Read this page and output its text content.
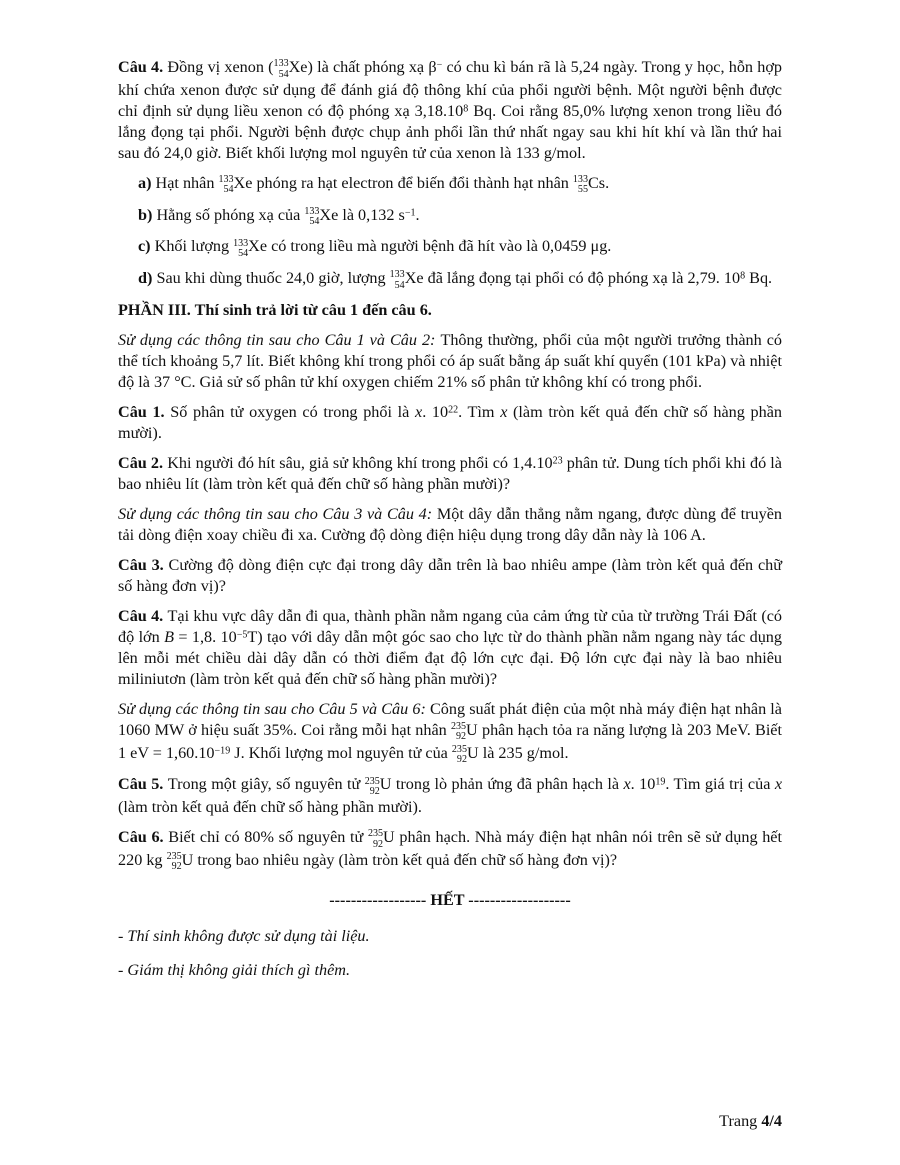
Câu 4. Đồng vị xenon ( 133
54 Xe) là chất phóng xạ β− có chu kì bán rã là 5,24 ngày. Trong y học, hỗn hợp khí chứa xenon được sử dụng để đánh giá độ thông khí của phổi người bệnh. Một người bệnh được chỉ định sử dụng liều xenon có độ phóng xạ 3,18.10$^8$ Bq. Coi rằng 85,0% lượng xenon trong liều đó lắng đọng tại phổi. Người bệnh được chụp ảnh phổi lần thứ nhất ngay sau khi hít khí và lần thứ hai sau đó 24,0 giờ. Biết khối lượng mol nguyên tử của xenon là 133 g/mol.

a) Hạt nhân 133
54 Xe phóng ra hạt electron để biến đổi thành hạt nhân 133
55 Cs.

b) Hằng số phóng xạ của 133
54 Xe là 0,132 $s^{-1}$.

c) Khối lượng 133
54 Xe có trong liều mà người bệnh đã hít vào là 0,0459 μg.

d) Sau khi dùng thuốc 24,0 giờ, lượng 133
54 Xe đã lắng đọng tại phổi có độ phóng xạ là 2,79. $10^8$ Bq.

PHẦN III. Thí sinh trả lời từ câu 1 đến câu 6.

Sử dụng các thông tin sau cho Câu 1 và Câu 2: Thông thường, phổi của một người trưởng thành có thể tích khoảng 5,7 lít. Biết không khí trong phổi có áp suất bằng áp suất khí quyển (101 kPa) và nhiệt độ là 37 °C. Giả sử số phân tử khí oxygen chiếm 21% số phân tử không khí có trong phổi.

Câu 1. Số phân tử oxygen có trong phổi là x. $10^{22}$. Tìm x (làm tròn kết quả đến chữ số hàng phần mười).

Câu 2. Khi người đó hít sâu, giả sử không khí trong phổi có 1,4.10$^{23}$ phân tử. Dung tích phổi khi đó là bao nhiêu lít (làm tròn kết quả đến chữ số hàng phần mười)?

Sử dụng các thông tin sau cho Câu 3 và Câu 4: Một dây dẫn thẳng nằm ngang, được dùng để truyền tải dòng điện xoay chiều đi xa. Cường độ dòng điện hiệu dụng trong dây dẫn này là 106 A.

Câu 3. Cường độ dòng điện cực đại trong dây dẫn trên là bao nhiêu ampe (làm tròn kết quả đến chữ số hàng đơn vị)?

Câu 4. Tại khu vực dây dẫn đi qua, thành phần nằm ngang của cảm ứng từ của từ trường Trái Đất (có độ lớn B = 1,8. $10^{-5}T$) tạo với dây dẫn một góc sao cho lực từ do thành phần nằm ngang này tác dụng lên mỗi mét chiều dài dây dẫn có thời điểm đạt độ lớn cực đại. Độ lớn cực đại này là bao nhiêu miliniutơn (làm tròn kết quả đến chữ số hàng phần mười)?

Sử dụng các thông tin sau cho Câu 5 và Câu 6: Công suất phát điện của một nhà máy điện hạt nhân là 1060 MW ở hiệu suất 35%. Coi rằng mỗi hạt nhân 235
92 U phân hạch tỏa ra năng lượng là 203 MeV. Biết 1 eV = $1,60.10^{-19}$ J. Khối lượng mol nguyên tử của 235
92 U là 235 g/mol.

Câu 5. Trong một giây, số nguyên tử 235
92 U trong lò phản ứng đã phân hạch là x. $10^{19}$. Tìm giá trị của x (làm tròn kết quả đến chữ số hàng phần mười).

Câu 6. Biết chỉ có 80% số nguyên tử 235
92 U phân hạch. Nhà máy điện hạt nhân nói trên sẽ sử dụng hết 220 kg 235
92 U trong bao nhiêu ngày (làm tròn kết quả đến chữ số hàng đơn vị)?

------------------ HẾT -------------------

- Thí sinh không được sử dụng tài liệu.

- Giám thị không giải thích gì thêm.

Trang 4/4
